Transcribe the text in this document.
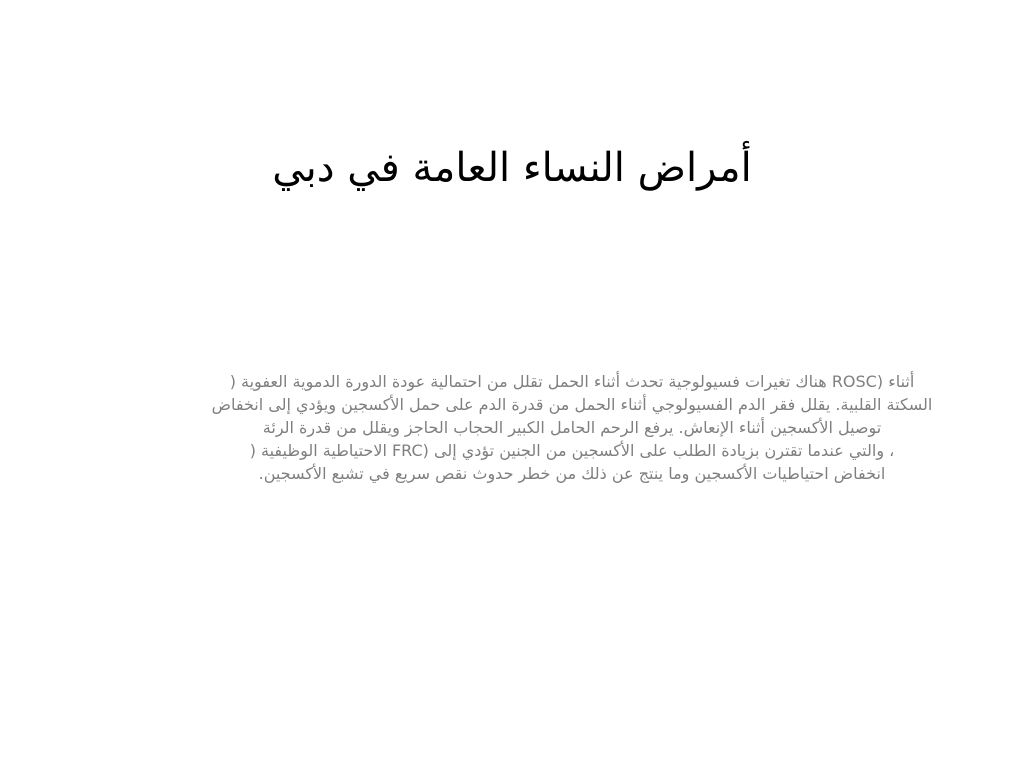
أمراض النساء العامة في دبي

أثناء (ROSC هناك تغيرات فسيولوجية تحدث أثناء الحمل تقلل من احتمالية عودة الدورة الدموية العفوية (

السكتة القلبية. يقلل فقر الدم الفسيولوجي أثناء الحمل من قدرة الدم على حمل الأكسجين ويؤدي إلى انخفاض

توصيل الأكسجين أثناء الإنعاش. يرفع الرحم الحامل الكبير الحجاب الحاجز ويقلل من قدرة الرئة

، والتي عندما تقترن بزيادة الطلب على الأكسجين من الجنين تؤدي إلى (FRC الاحتياطية الوظيفية (

انخفاض احتياطيات الأكسجين وما ينتج عن ذلك من خطر حدوث نقص سريع في تشبع الأكسجين.
